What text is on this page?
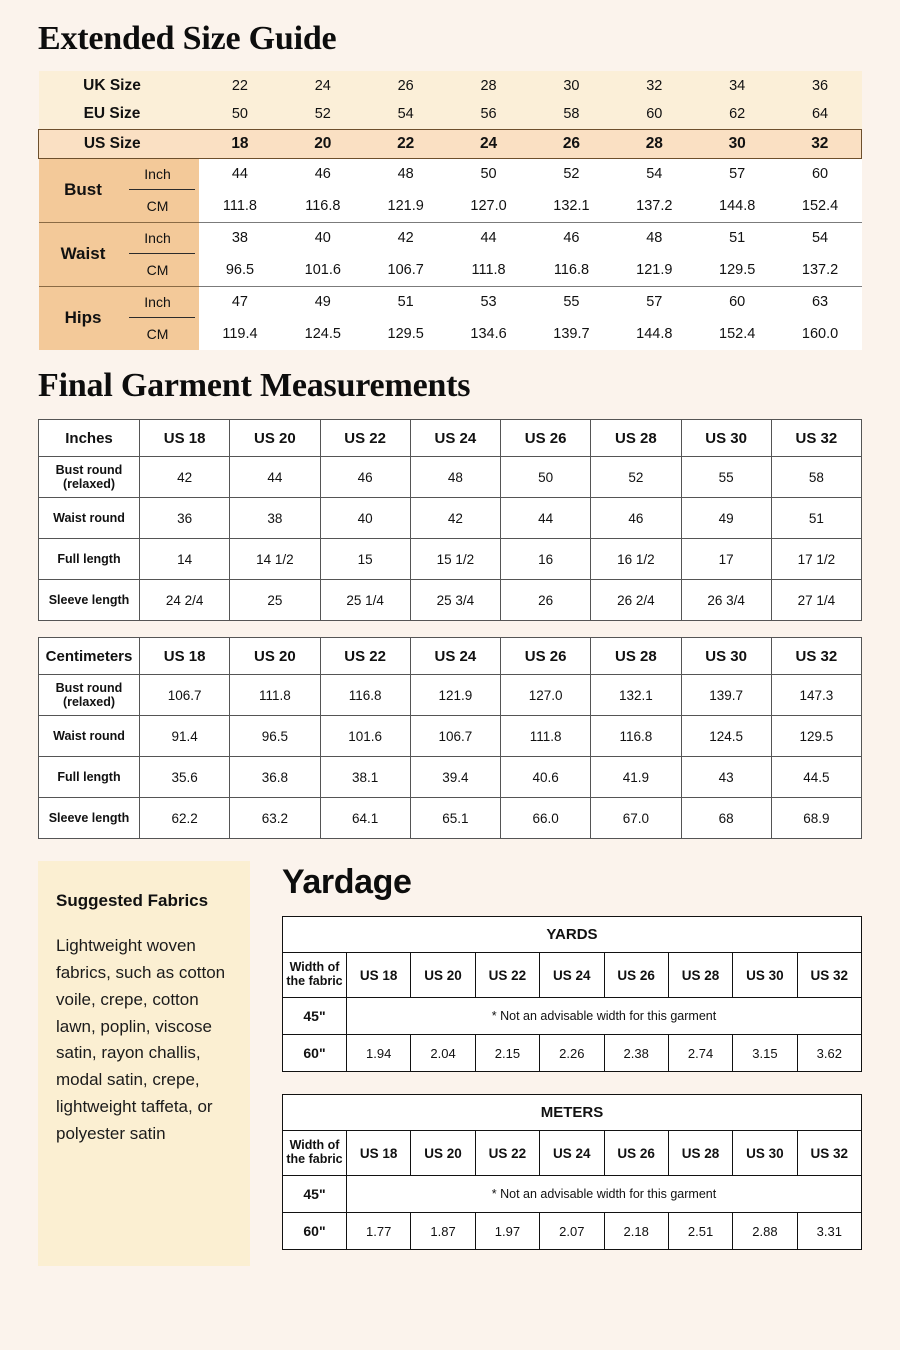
Extended Size Guide
UK Size		22	24	26	28	30	32	34	36
EU Size		50	52	54	56	58	60	62	64
US Size		18	20	22	24	26	28	30	32
Bust	Inch	44	46	48	50	52	54	57	60
	CM	111.8	116.8	121.9	127.0	132.1	137.2	144.8	152.4
Waist	Inch	38	40	42	44	46	48	51	54
	CM	96.5	101.6	106.7	111.8	116.8	121.9	129.5	137.2
Hips	Inch	47	49	51	53	55	57	60	63
	CM	119.4	124.5	129.5	134.6	139.7	144.8	152.4	160.0
Final Garment Measurements
Inches	US 18	US 20	US 22	US 24	US 26	US 28	US 30	US 32
Bust round
(relaxed)	42	44	46	48	50	52	55	58
Waist round	36	38	40	42	44	46	49	51
Full length	14	14 1/2	15	15 1/2	16	16 1/2	17	17 1/2
Sleeve length	24 2/4	25	25 1/4	25 3/4	26	26 2/4	26 3/4	27 1/4
Centimeters	US 18	US 20	US 22	US 24	US 26	US 28	US 30	US 32
Bust round
(relaxed)	106.7	111.8	116.8	121.9	127.0	132.1	139.7	147.3
Waist round	91.4	96.5	101.6	106.7	111.8	116.8	124.5	129.5
Full length	35.6	36.8	38.1	39.4	40.6	41.9	43	44.5
Sleeve length	62.2	63.2	64.1	65.1	66.0	67.0	68	68.9
Suggested Fabrics

Lightweight woven fabrics, such as cotton voile, crepe, cotton lawn, poplin, viscose satin, rayon challis, modal satin, crepe, lightweight taffeta, or polyester satin

Yardage
YARDS								
Width of
the fabric	US 18	US 20	US 22	US 24	US 26	US 28	US 30	US 32
45"	* Not an advisable width for this garment							
60"	1.94	2.04	2.15	2.26	2.38	2.74	3.15	3.62
METERS								
Width of
the fabric	US 18	US 20	US 22	US 24	US 26	US 28	US 30	US 32
45"	* Not an advisable width for this garment							
60"	1.77	1.87	1.97	2.07	2.18	2.51	2.88	3.31
